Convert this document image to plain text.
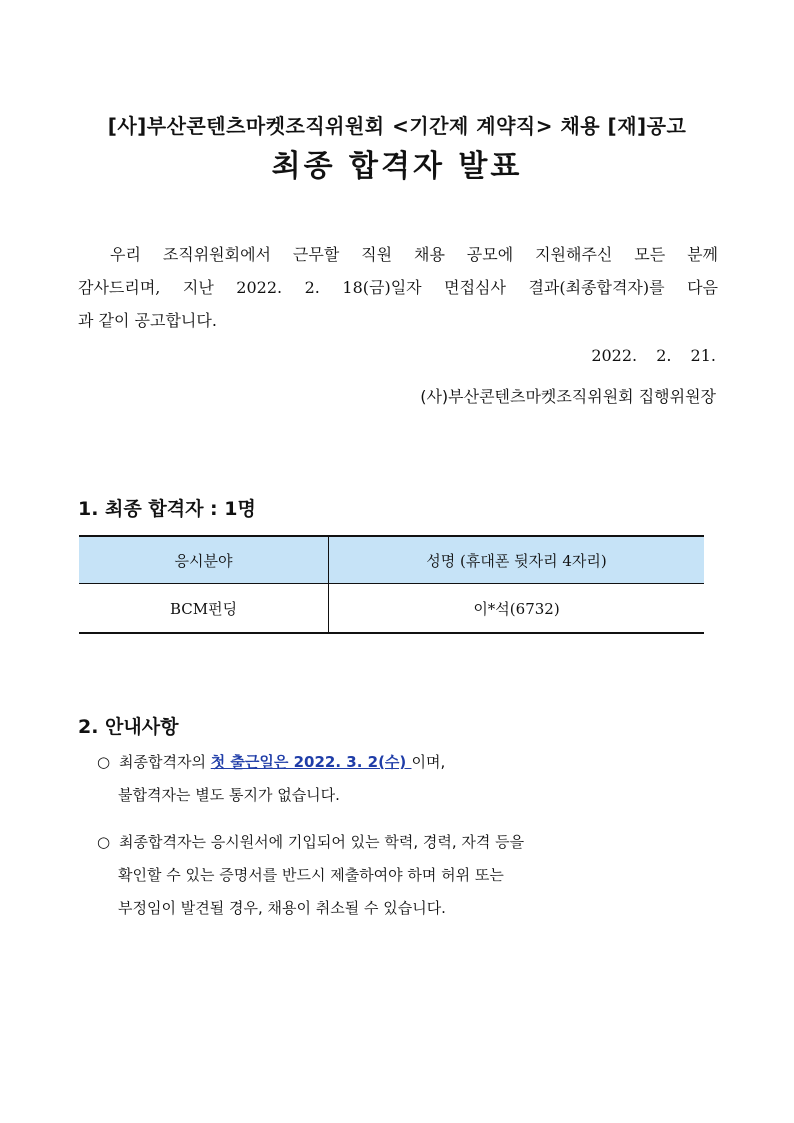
[사]부산콘텐츠마켓조직위원회 <기간제 계약직> 채용 [재]공고
최종 합격자 발표

우리 조직위원회에서 근무할 직원 채용 공모에 지원해주신 모든 분께

감사드리며, 지난 2022. 2. 18(금)일자 면접심사 결과(최종합격자)를 다음

과 같이 공고합니다.

2022. 2. 21.
(사)부산콘텐츠마켓조직위원회 집행위원장
1. 최종 합격자 : 1명
응시분야	성명 (휴대폰 뒷자리 4자리)
BCM펀딩	이*석(6732)
2. 안내사항
○ 최종합격자의 첫 출근일은 2022. 3. 2(수) 이며,
불합격자는 별도 통지가 없습니다.
○ 최종합격자는 응시원서에 기입되어 있는 학력, 경력, 자격 등을
확인할 수 있는 증명서를 반드시 제출하여야 하며 허위 또는
부정임이 발견될 경우, 채용이 취소될 수 있습니다.
